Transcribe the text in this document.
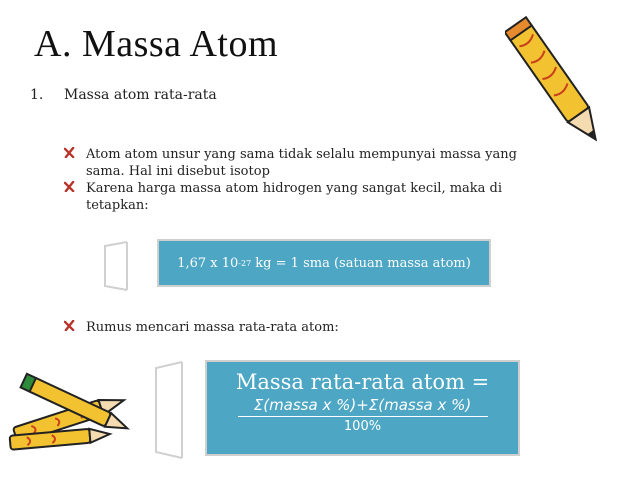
A. Massa Atom
1. Massa atom rata-rata
Atom atom unsur yang sama tidak selalu mempunyai massa yang
sama. Hal ini disebut isotop
Karena harga massa atom hidrogen yang sangat kecil, maka di
tetapkan:
1,67 x 10 -27 kg = 1 sma (satuan massa atom)
Rumus mencari massa rata-rata atom:
Massa rata-rata atom =
Σ(massa x %)+Σ(massa x %)
100%
